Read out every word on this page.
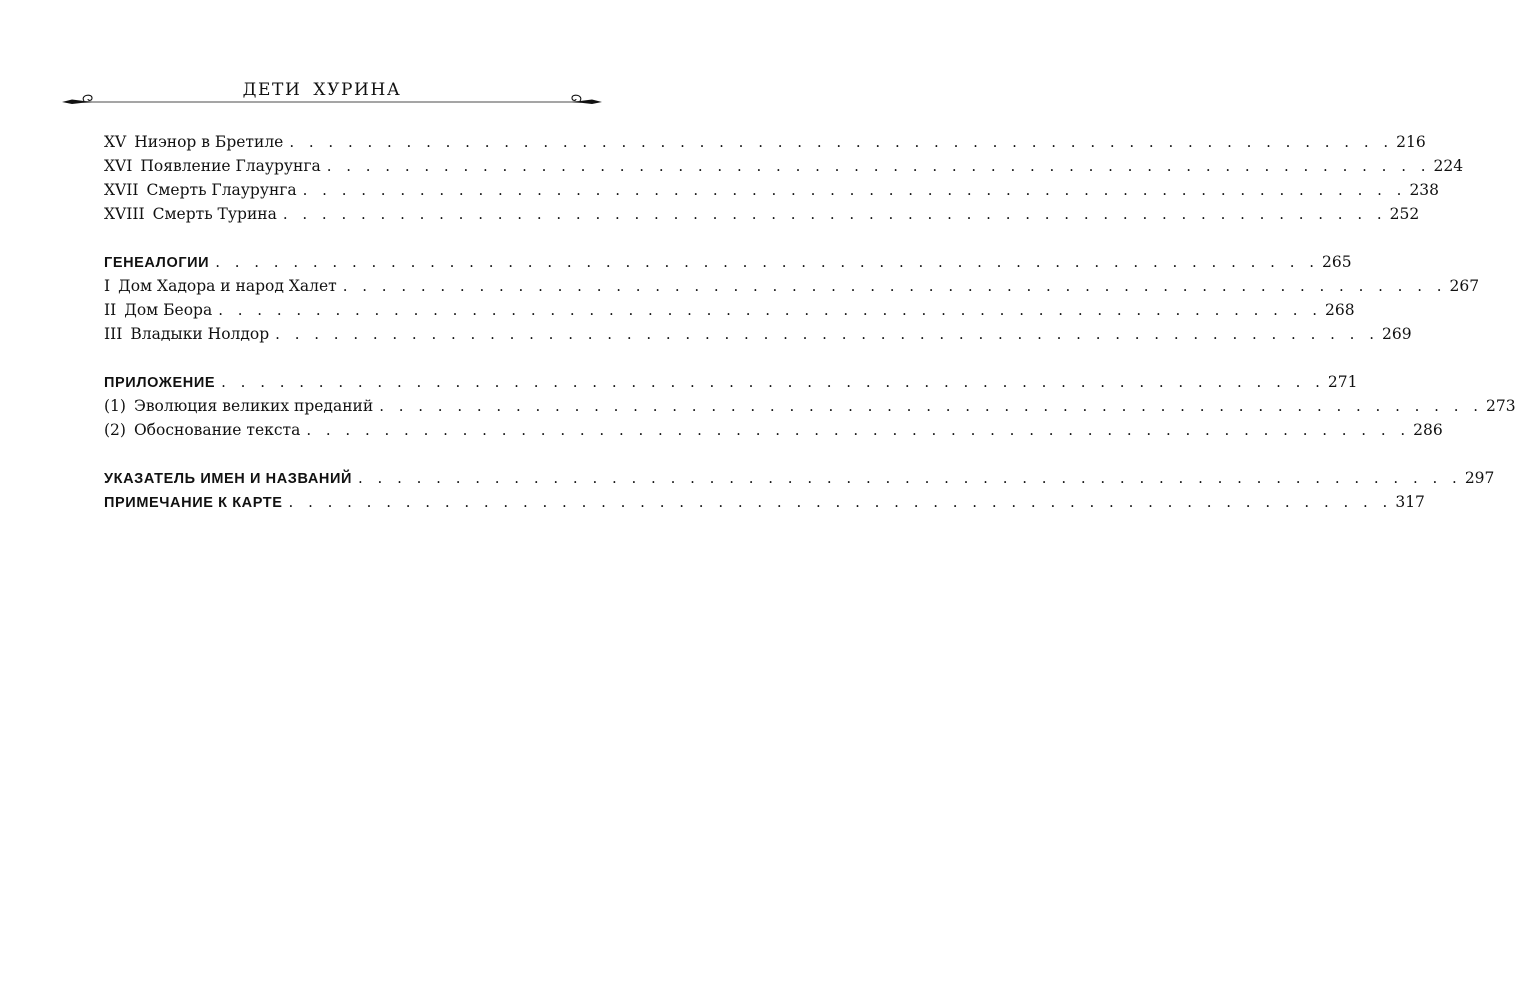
ДЕТИ ХУРИНА
XV Ниэнор в Бретиле . . . . . . . . . . . . . . . . . . . . . . . . . . . . . . . . . . . . . . . . . . . . . . . . . . . . . . . . . 216
XVI Появление Глаурунга . . . . . . . . . . . . . . . . . . . . . . . . . . . . . . . . . . . . . . . . . . . . . . . . . . . . . . . . . 224
XVII Смерть Глаурунга . . . . . . . . . . . . . . . . . . . . . . . . . . . . . . . . . . . . . . . . . . . . . . . . . . . . . . . . . 238
XVIII Смерть Турина . . . . . . . . . . . . . . . . . . . . . . . . . . . . . . . . . . . . . . . . . . . . . . . . . . . . . . . . . 252
ГЕНЕАЛОГИИ . . . . . . . . . . . . . . . . . . . . . . . . . . . . . . . . . . . . . . . . . . . . . . . . . . . . . . . . . 265
I Дом Хадора и народ Халет . . . . . . . . . . . . . . . . . . . . . . . . . . . . . . . . . . . . . . . . . . . . . . . . . . . . . . . . . 267
II Дом Беора . . . . . . . . . . . . . . . . . . . . . . . . . . . . . . . . . . . . . . . . . . . . . . . . . . . . . . . . . 268
III Владыки Нолдор . . . . . . . . . . . . . . . . . . . . . . . . . . . . . . . . . . . . . . . . . . . . . . . . . . . . . . . . . 269
ПРИЛОЖЕНИЕ . . . . . . . . . . . . . . . . . . . . . . . . . . . . . . . . . . . . . . . . . . . . . . . . . . . . . . . . . 271
(1) Эволюция великих преданий . . . . . . . . . . . . . . . . . . . . . . . . . . . . . . . . . . . . . . . . . . . . . . . . . . . . . . . . . 273
(2) Обоснование текста . . . . . . . . . . . . . . . . . . . . . . . . . . . . . . . . . . . . . . . . . . . . . . . . . . . . . . . . . 286
УКАЗАТЕЛЬ ИМЕН И НАЗВАНИЙ . . . . . . . . . . . . . . . . . . . . . . . . . . . . . . . . . . . . . . . . . . . . . . . . . . . . . . . . . 297
ПРИМЕЧАНИЕ К КАРТЕ . . . . . . . . . . . . . . . . . . . . . . . . . . . . . . . . . . . . . . . . . . . . . . . . . . . . . . . . . 317
